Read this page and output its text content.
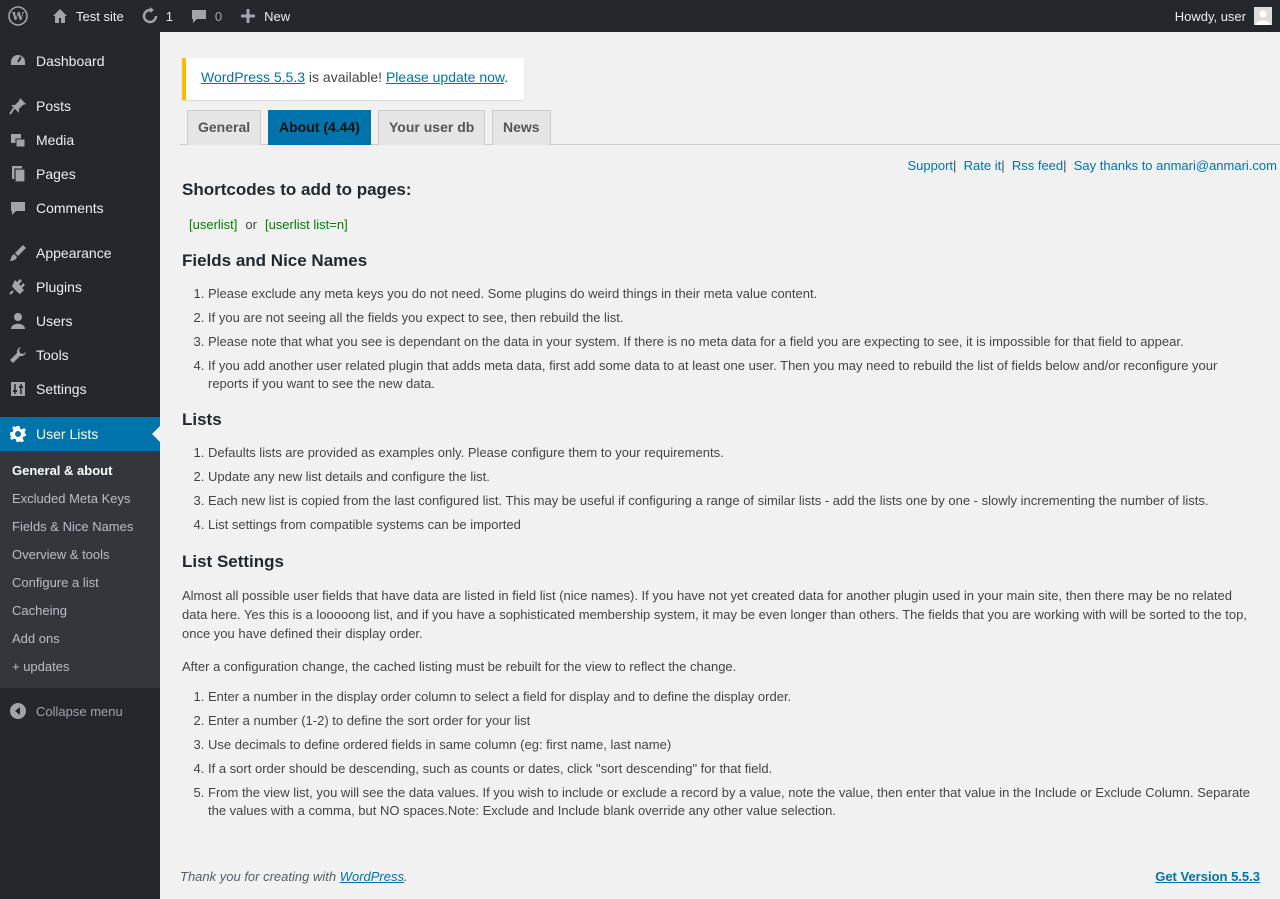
W	Test site	1	0	New	Howdy, user
Dashboard
Posts
Media
Pages
Comments
Appearance
Plugins
Users
Tools
Settings
User Lists
General & about
Excluded Meta Keys
Fields & Nice Names
Overview & tools
Configure a list
Cacheing
Add ons
+ updates
Collapse menu
WordPress 5.5.3 is available! Please update now.
General	About (4.44)	Your user db	News
Support|  Rate it|  Rss feed|  Say thanks to anmari@anmari.com
Shortcodes to add to pages:
[userlist] or [userlist list=n]
Fields and Nice Names
1. Please exclude any meta keys you do not need. Some plugins do weird things in their meta value content.
2. If you are not seeing all the fields you expect to see, then rebuild the list.
3. Please note that what you see is dependant on the data in your system. If there is no meta data for a field you are expecting to see, it is impossible for that field to appear.
4. If you add another user related plugin that adds meta data, first add some data to at least one user. Then you may need to rebuild the list of fields below and/or reconfigure your reports if you want to see the new data.
Lists
1. Defaults lists are provided as examples only. Please configure them to your requirements.
2. Update any new list details and configure the list.
3. Each new list is copied from the last configured list. This may be useful if configuring a range of similar lists - add the lists one by one - slowly incrementing the number of lists.
4. List settings from compatible systems can be imported
List Settings

Almost all possible user fields that have data are listed in field list (nice names). If you have not yet created data for another plugin used in your main site, then there may be no related data here. Yes this is a looooong list, and if you have a sophisticated membership system, it may be even longer than others. The fields that you are working with will be sorted to the top, once you have defined their display order.

After a configuration change, the cached listing must be rebuilt for the view to reflect the change.

1. Enter a number in the display order column to select a field for display and to define the display order.
2. Enter a number (1-2) to define the sort order for your list
3. Use decimals to define ordered fields in same column (eg: first name, last name)
4. If a sort order should be descending, such as counts or dates, click "sort descending" for that field.
5. From the view list, you will see the data values. If you wish to include or exclude a record by a value, note the value, then enter that value in the Include or Exclude Column. Separate the values with a comma, but NO spaces.Note: Exclude and Include blank override any other value selection.
Thank you for creating with WordPress.	Get Version 5.5.3
